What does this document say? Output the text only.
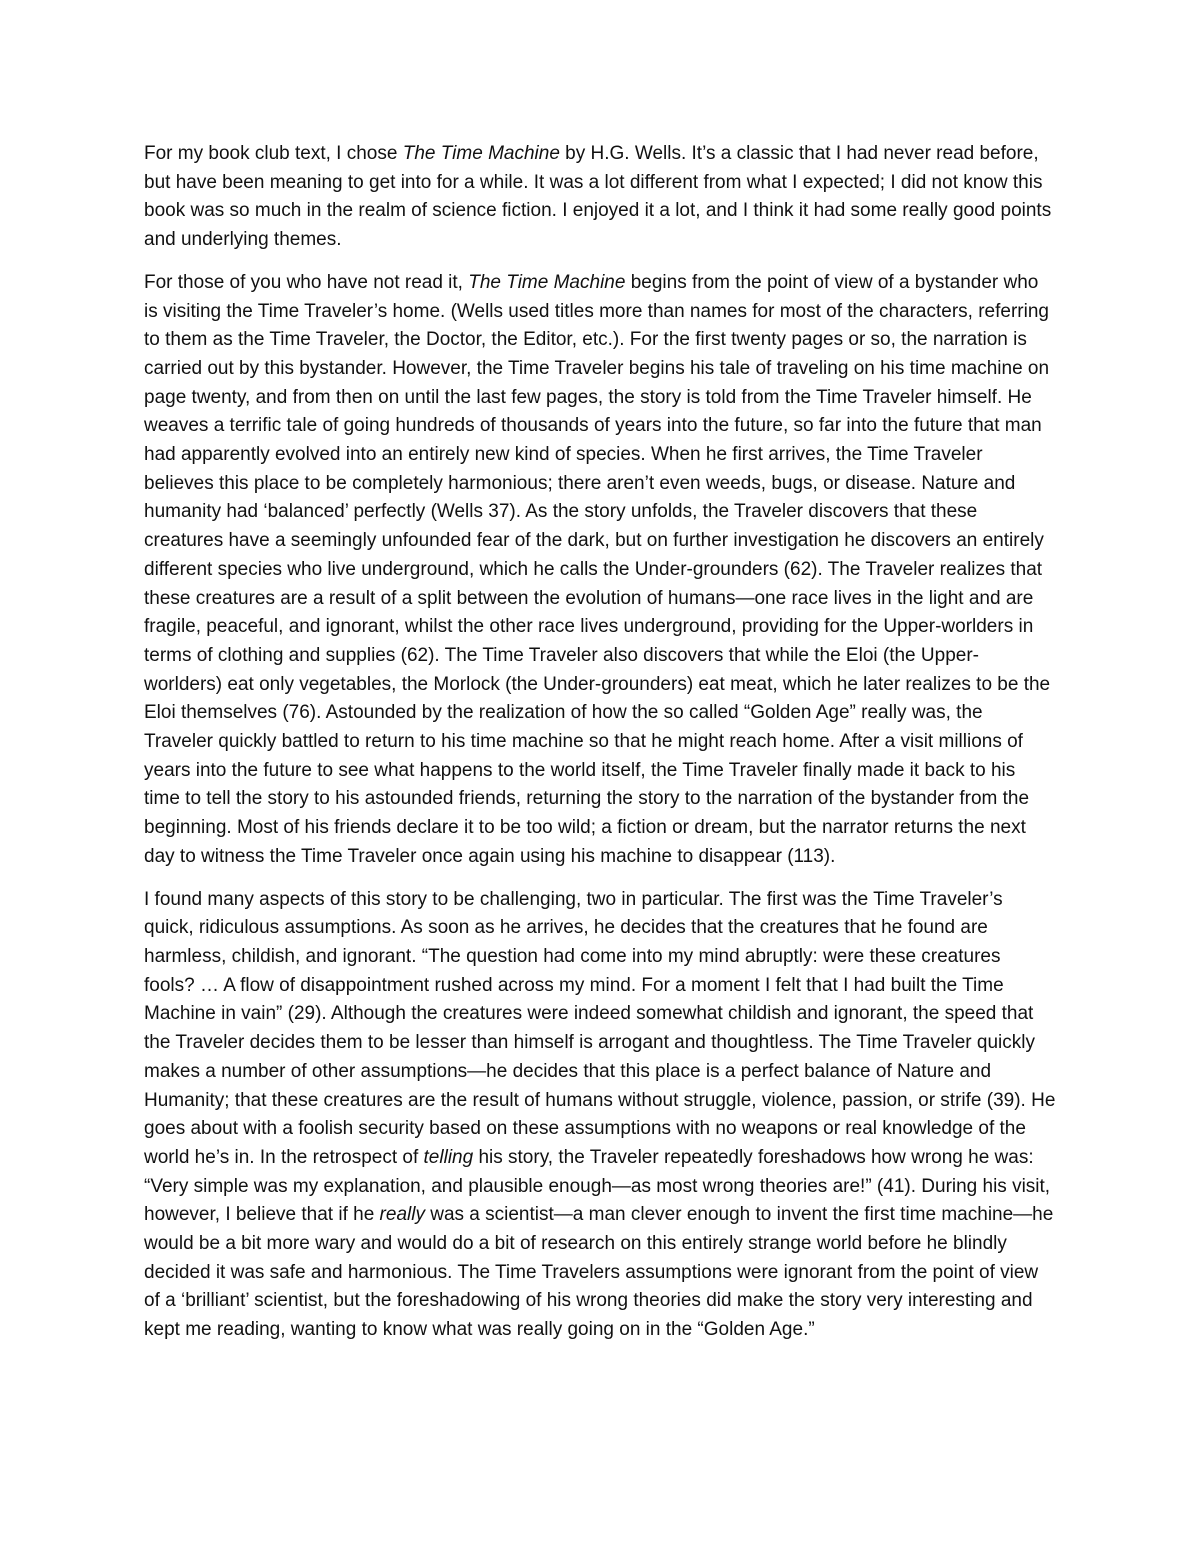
For my book club text, I chose The Time Machine by H.G. Wells. It’s a classic that I had never read before, but have been meaning to get into for a while. It was a lot different from what I expected; I did not know this book was so much in the realm of science fiction. I enjoyed it a lot, and I think it had some really good points and underlying themes.

For those of you who have not read it, The Time Machine begins from the point of view of a bystander who is visiting the Time Traveler’s home. (Wells used titles more than names for most of the characters, referring to them as the Time Traveler, the Doctor, the Editor, etc.). For the first twenty pages or so, the narration is carried out by this bystander. However, the Time Traveler begins his tale of traveling on his time machine on page twenty, and from then on until the last few pages, the story is told from the Time Traveler himself. He weaves a terrific tale of going hundreds of thousands of years into the future, so far into the future that man had apparently evolved into an entirely new kind of species. When he first arrives, the Time Traveler believes this place to be completely harmonious; there aren’t even weeds, bugs, or disease. Nature and humanity had ‘balanced’ perfectly (Wells 37). As the story unfolds, the Traveler discovers that these creatures have a seemingly unfounded fear of the dark, but on further investigation he discovers an entirely different species who live underground, which he calls the Under-grounders (62). The Traveler realizes that these creatures are a result of a split between the evolution of humans—one race lives in the light and are fragile, peaceful, and ignorant, whilst the other race lives underground, providing for the Upper-worlders in terms of clothing and supplies (62). The Time Traveler also discovers that while the Eloi (the Upper-worlders) eat only vegetables, the Morlock (the Under-grounders) eat meat, which he later realizes to be the Eloi themselves (76). Astounded by the realization of how the so called “Golden Age” really was, the Traveler quickly battled to return to his time machine so that he might reach home. After a visit millions of years into the future to see what happens to the world itself, the Time Traveler finally made it back to his time to tell the story to his astounded friends, returning the story to the narration of the bystander from the beginning. Most of his friends declare it to be too wild; a fiction or dream, but the narrator returns the next day to witness the Time Traveler once again using his machine to disappear (113).

I found many aspects of this story to be challenging, two in particular. The first was the Time Traveler’s quick, ridiculous assumptions. As soon as he arrives, he decides that the creatures that he found are harmless, childish, and ignorant. “The question had come into my mind abruptly: were these creatures fools? … A flow of disappointment rushed across my mind. For a moment I felt that I had built the Time Machine in vain” (29). Although the creatures were indeed somewhat childish and ignorant, the speed that the Traveler decides them to be lesser than himself is arrogant and thoughtless. The Time Traveler quickly makes a number of other assumptions—he decides that this place is a perfect balance of Nature and Humanity; that these creatures are the result of humans without struggle, violence, passion, or strife (39). He goes about with a foolish security based on these assumptions with no weapons or real knowledge of the world he’s in. In the retrospect of telling his story, the Traveler repeatedly foreshadows how wrong he was: “Very simple was my explanation, and plausible enough—as most wrong theories are!” (41). During his visit, however, I believe that if he really was a scientist—a man clever enough to invent the first time machine—he would be a bit more wary and would do a bit of research on this entirely strange world before he blindly decided it was safe and harmonious. The Time Travelers assumptions were ignorant from the point of view of a ‘brilliant’ scientist, but the foreshadowing of his wrong theories did make the story very interesting and kept me reading, wanting to know what was really going on in the “Golden Age.”
